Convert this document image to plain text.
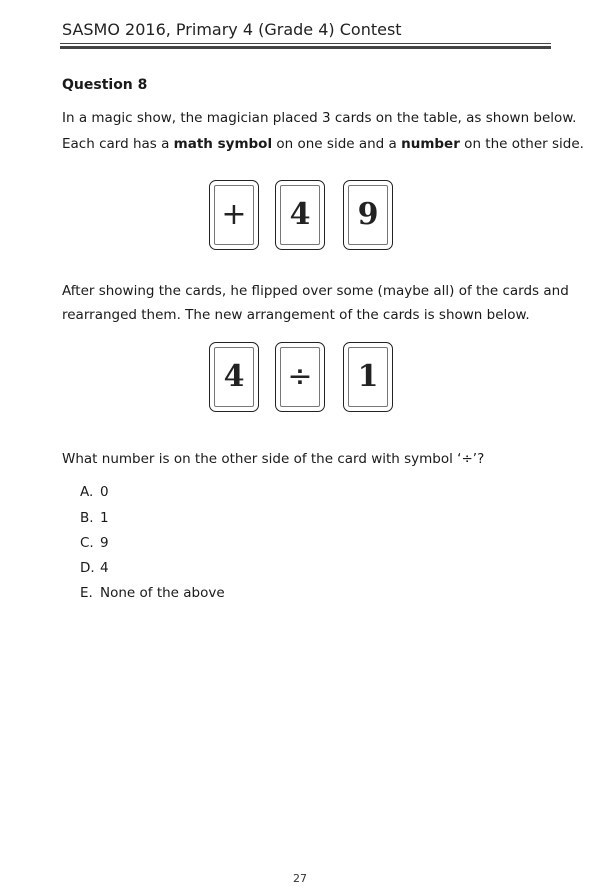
SASMO 2016, Primary 4 (Grade 4) Contest
Question 8
In a magic show, the magician placed 3 cards on the table, as shown below.
Each card has a math symbol on one side and a number on the other side.
+ 4 9
After showing the cards, he flipped over some (maybe all) of the cards and
rearranged them. The new arrangement of the cards is shown below.
4 ÷ 1
What number is on the other side of the card with symbol ‘÷’?
A. 0
B. 1
C. 9
D. 4
E. None of the above
27
